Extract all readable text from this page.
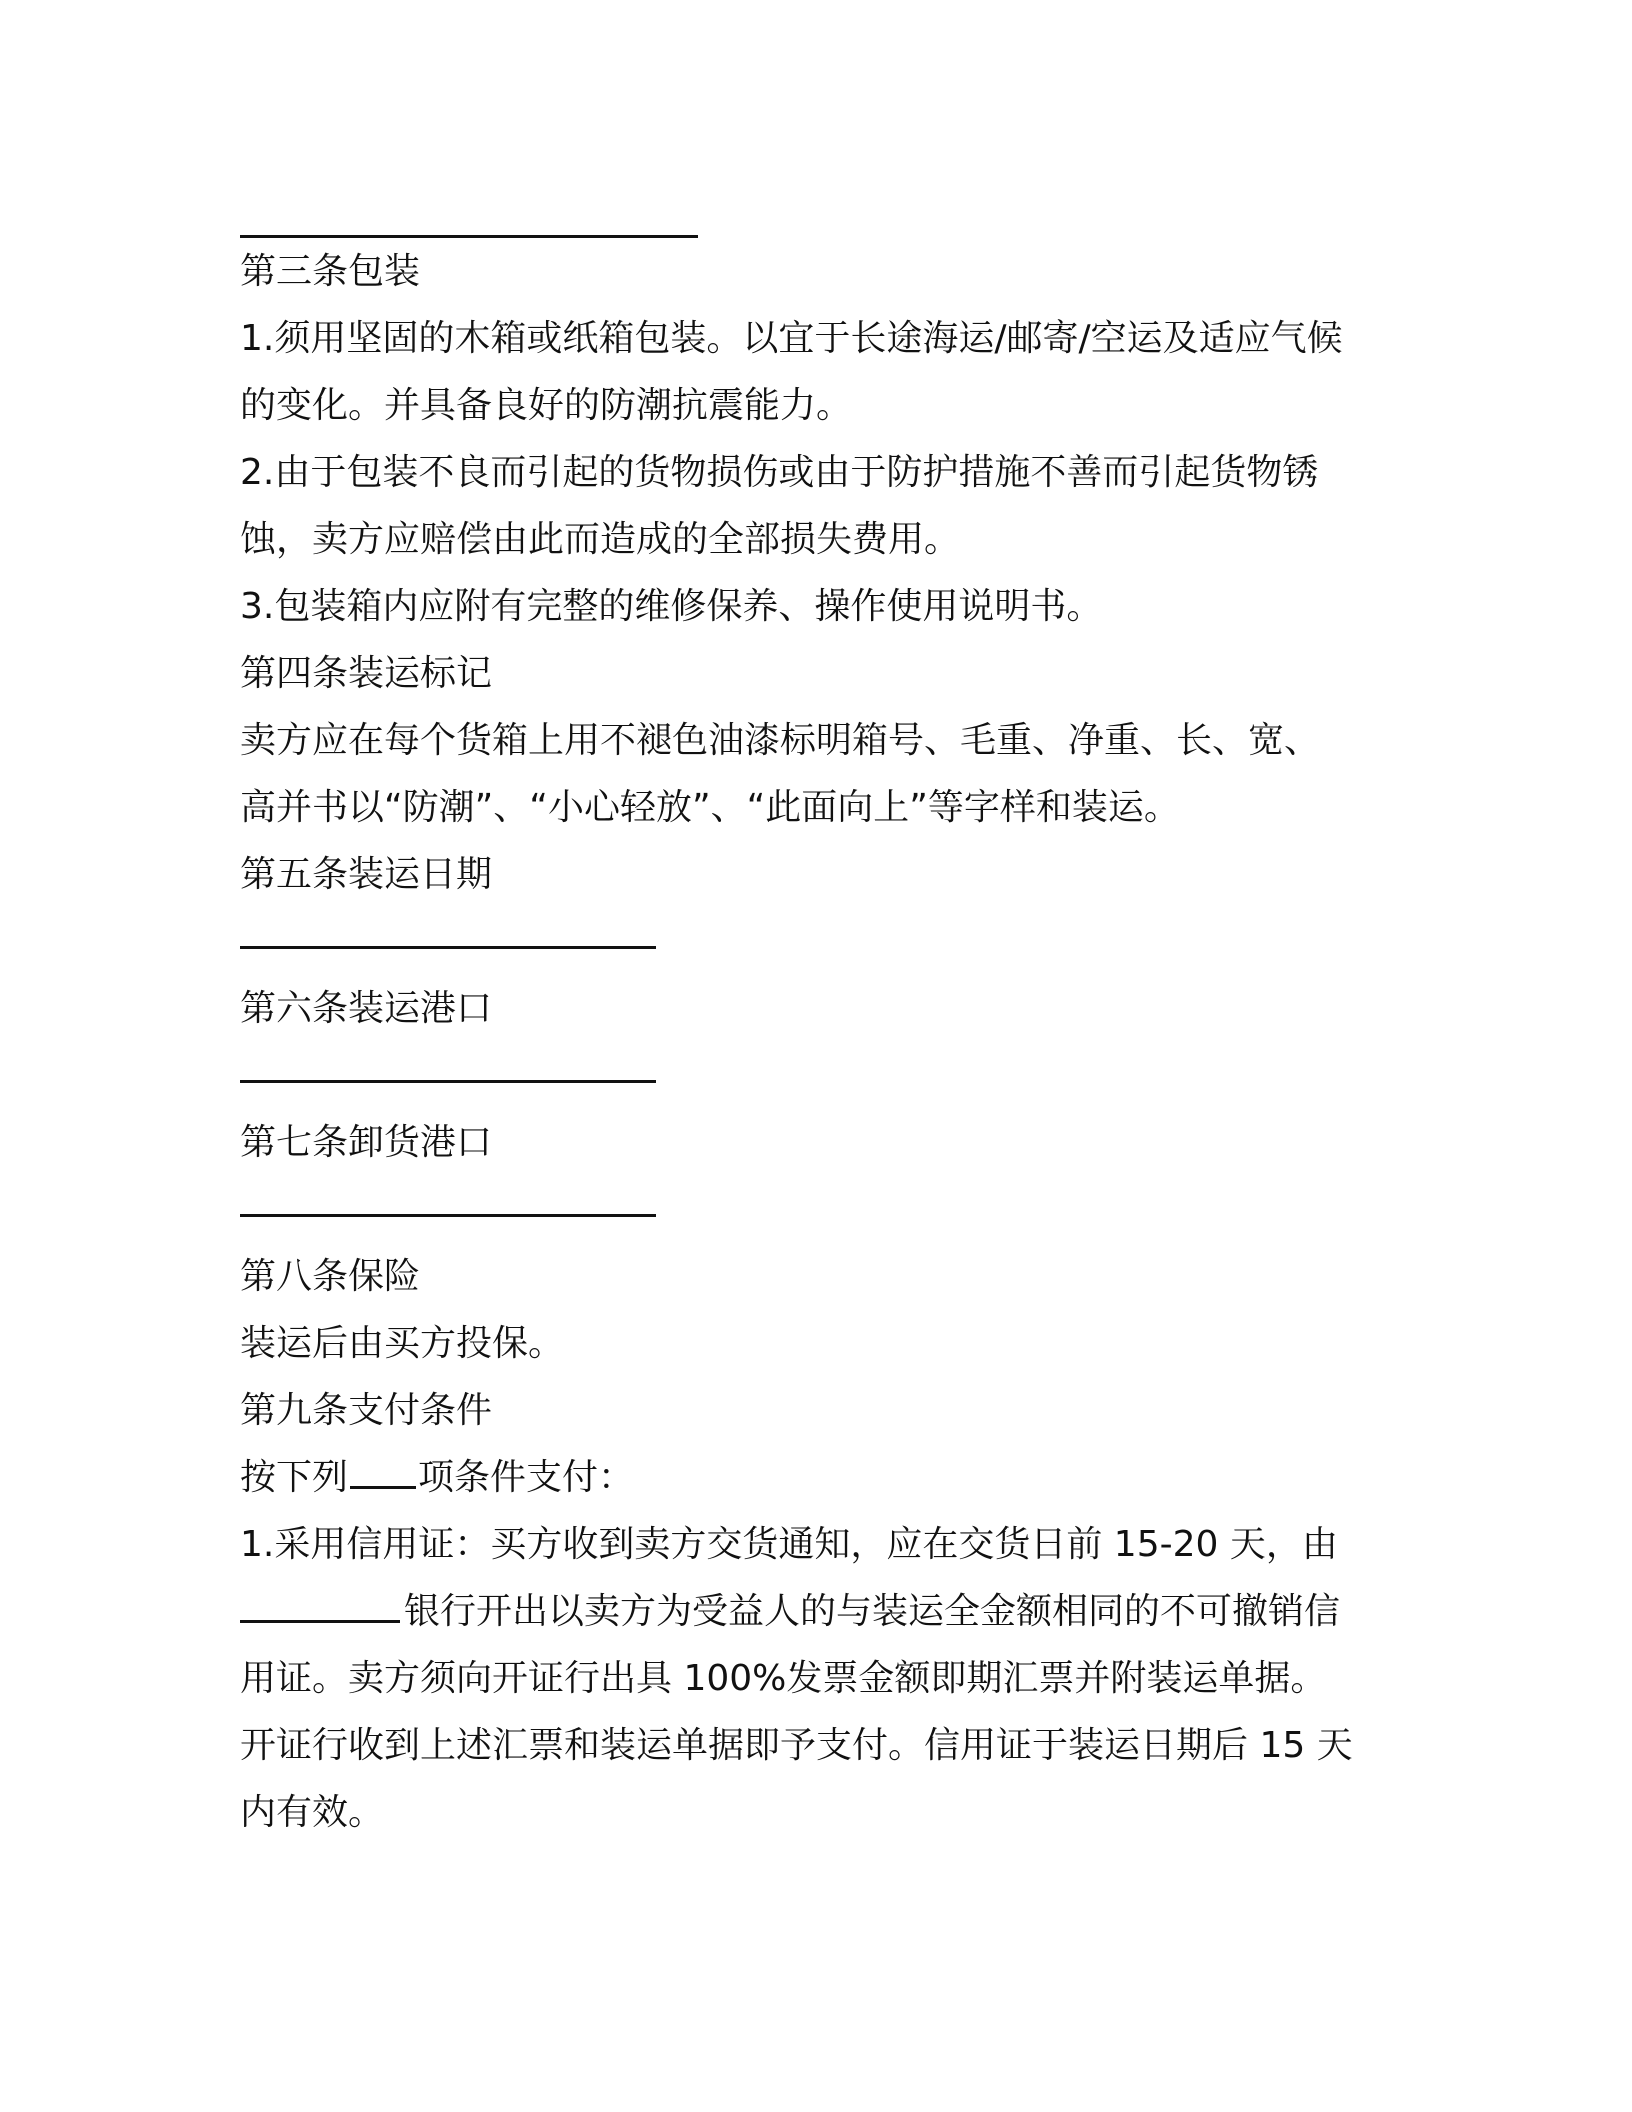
第三条包装

1.须用坚固的木箱或纸箱包装。以宜于长途海运/邮寄/空运及适应气候

的变化。并具备良好的防潮抗震能力。

2.由于包装不良而引起的货物损伤或由于防护措施不善而引起货物锈

蚀，卖方应赔偿由此而造成的全部损失费用。

3.包装箱内应附有完整的维修保养、操作使用说明书。

第四条装运标记

卖方应在每个货箱上用不褪色油漆标明箱号、毛重、净重、长、宽、

高并书以“防潮”、“小心轻放”、“此面向上”等字样和装运。

第五条装运日期

第六条装运港口

第七条卸货港口

第八条保险

装运后由买方投保。

第九条支付条件

按下列 项条件支付：

1.采用信用证：买方收到卖方交货通知，应在交货日前 15-20 天，由

银行开出以卖方为受益人的与装运全金额相同的不可撤销信

用证。卖方须向开证行出具 100%发票金额即期汇票并附装运单据。

开证行收到上述汇票和装运单据即予支付。信用证于装运日期后 15 天

内有效。
